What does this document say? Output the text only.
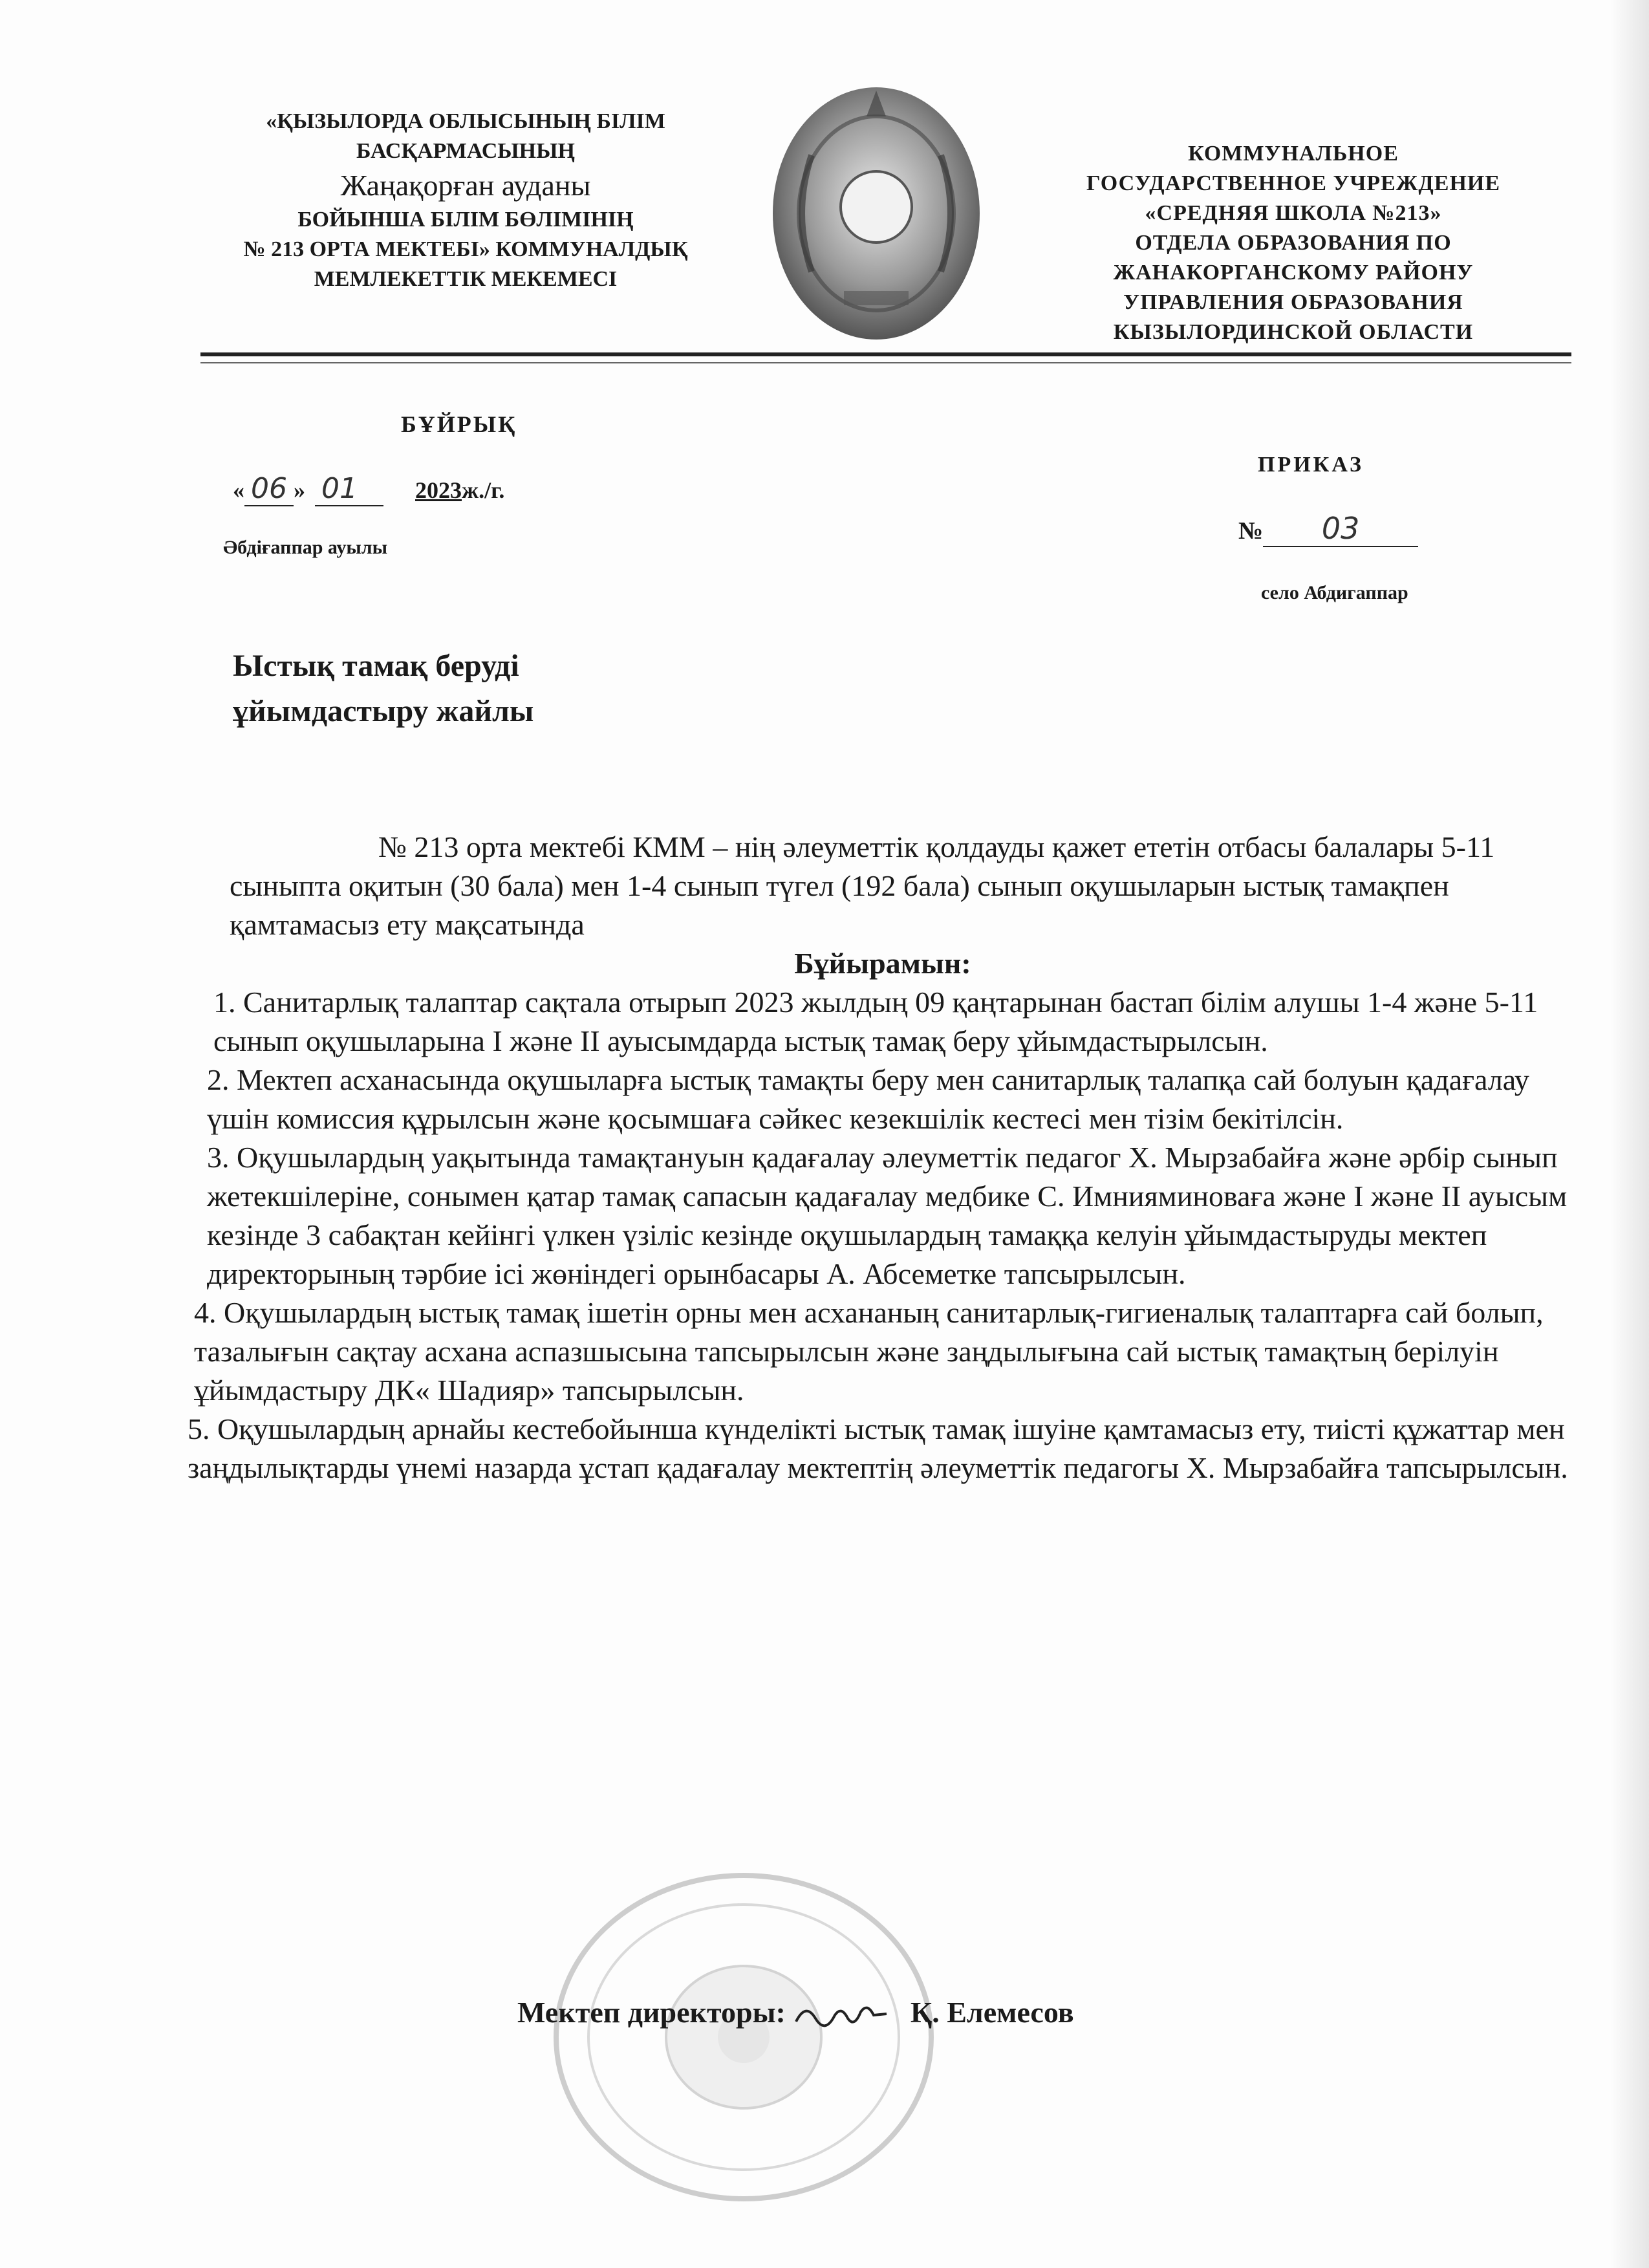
«ҚЫЗЫЛОРДА ОБЛЫСЫНЫҢ БІЛІМ
БАСҚАРМАСЫНЫҢ
Жаңақорған ауданы
БОЙЫНША БІЛІМ БӨЛІМІНІҢ
№ 213 ОРТА МЕКТЕБІ» КОММУНАЛДЫҚ
МЕМЛЕКЕТТІК МЕКЕМЕСІ
КОММУНАЛЬНОЕ
ГОСУДАРСТВЕННОЕ УЧРЕЖДЕНИЕ
«СРЕДНЯЯ ШКОЛА №213»
ОТДЕЛА ОБРАЗОВАНИЯ ПО
ЖАНАКОРГАНСКОМУ РАЙОНУ
УПРАВЛЕНИЯ ОБРАЗОВАНИЯ
КЫЗЫЛОРДИНСКОЙ ОБЛАСТИ
БҰЙРЫҚ
« 06 » 01 2023ж./г.
Әбдіғаппар ауылы
ПРИКАЗ
№ 03
село Абдигаппар
Ыстық тамақ беруді
ұйымдастыру жайлы

№ 213 орта мектебі КММ – нің әлеуметтік қолдауды қажет ететін отбасы балалары 5-11 сыныпта оқитын (30 бала) мен 1-4 сынып түгел (192 бала) сынып оқушыларын ыстық тамақпен қамтамасыз ету мақсатында

Бұйырамын:

1. Санитарлық талаптар сақтала отырып 2023 жылдың 09 қаңтарынан бастап білім алушы 1-4 және 5-11 сынып оқушыларына І және ІІ ауысымдарда ыстық тамақ беру ұйымдастырылсын.

2. Мектеп асханасында оқушыларға ыстық тамақты беру мен санитарлық талапқа сай болуын қадағалау үшін комиссия құрылсын және қосымшаға сәйкес кезекшілік кестесі мен тізім бекітілсін.

3. Оқушылардың уақытында тамақтануын қадағалау әлеуметтік педагог Х. Мырзабайға және әрбір сынып жетекшілеріне, сонымен қатар тамақ сапасын қадағалау медбике С. Имнияминоваға және І және ІІ ауысым кезінде 3 сабақтан кейінгі үлкен үзіліс кезінде оқушылардың тамаққа келуін ұйымдастыруды мектеп директорының тәрбие ісі жөніндегі орынбасары А. Абсеметке тапсырылсын.

4. Оқушылардың ыстық тамақ ішетін орны мен асхананың санитарлық-гигиеналық талаптарға сай болып, тазалығын сақтау асхана аспазшысына тапсырылсын және заңдылығына сай ыстық тамақтың берілуін ұйымдастыру ДК« Шадияр» тапсырылсын.

5. Оқушылардың арнайы кестебойынша күнделікті ыстық тамақ ішуіне қамтамасыз ету, тиісті құжаттар мен заңдылықтарды үнемі назарда ұстап қадағалау мектептің әлеуметтік педагогы Х. Мырзабайға тапсырылсын.

Мектеп директоры:	Қ. Елемесов
